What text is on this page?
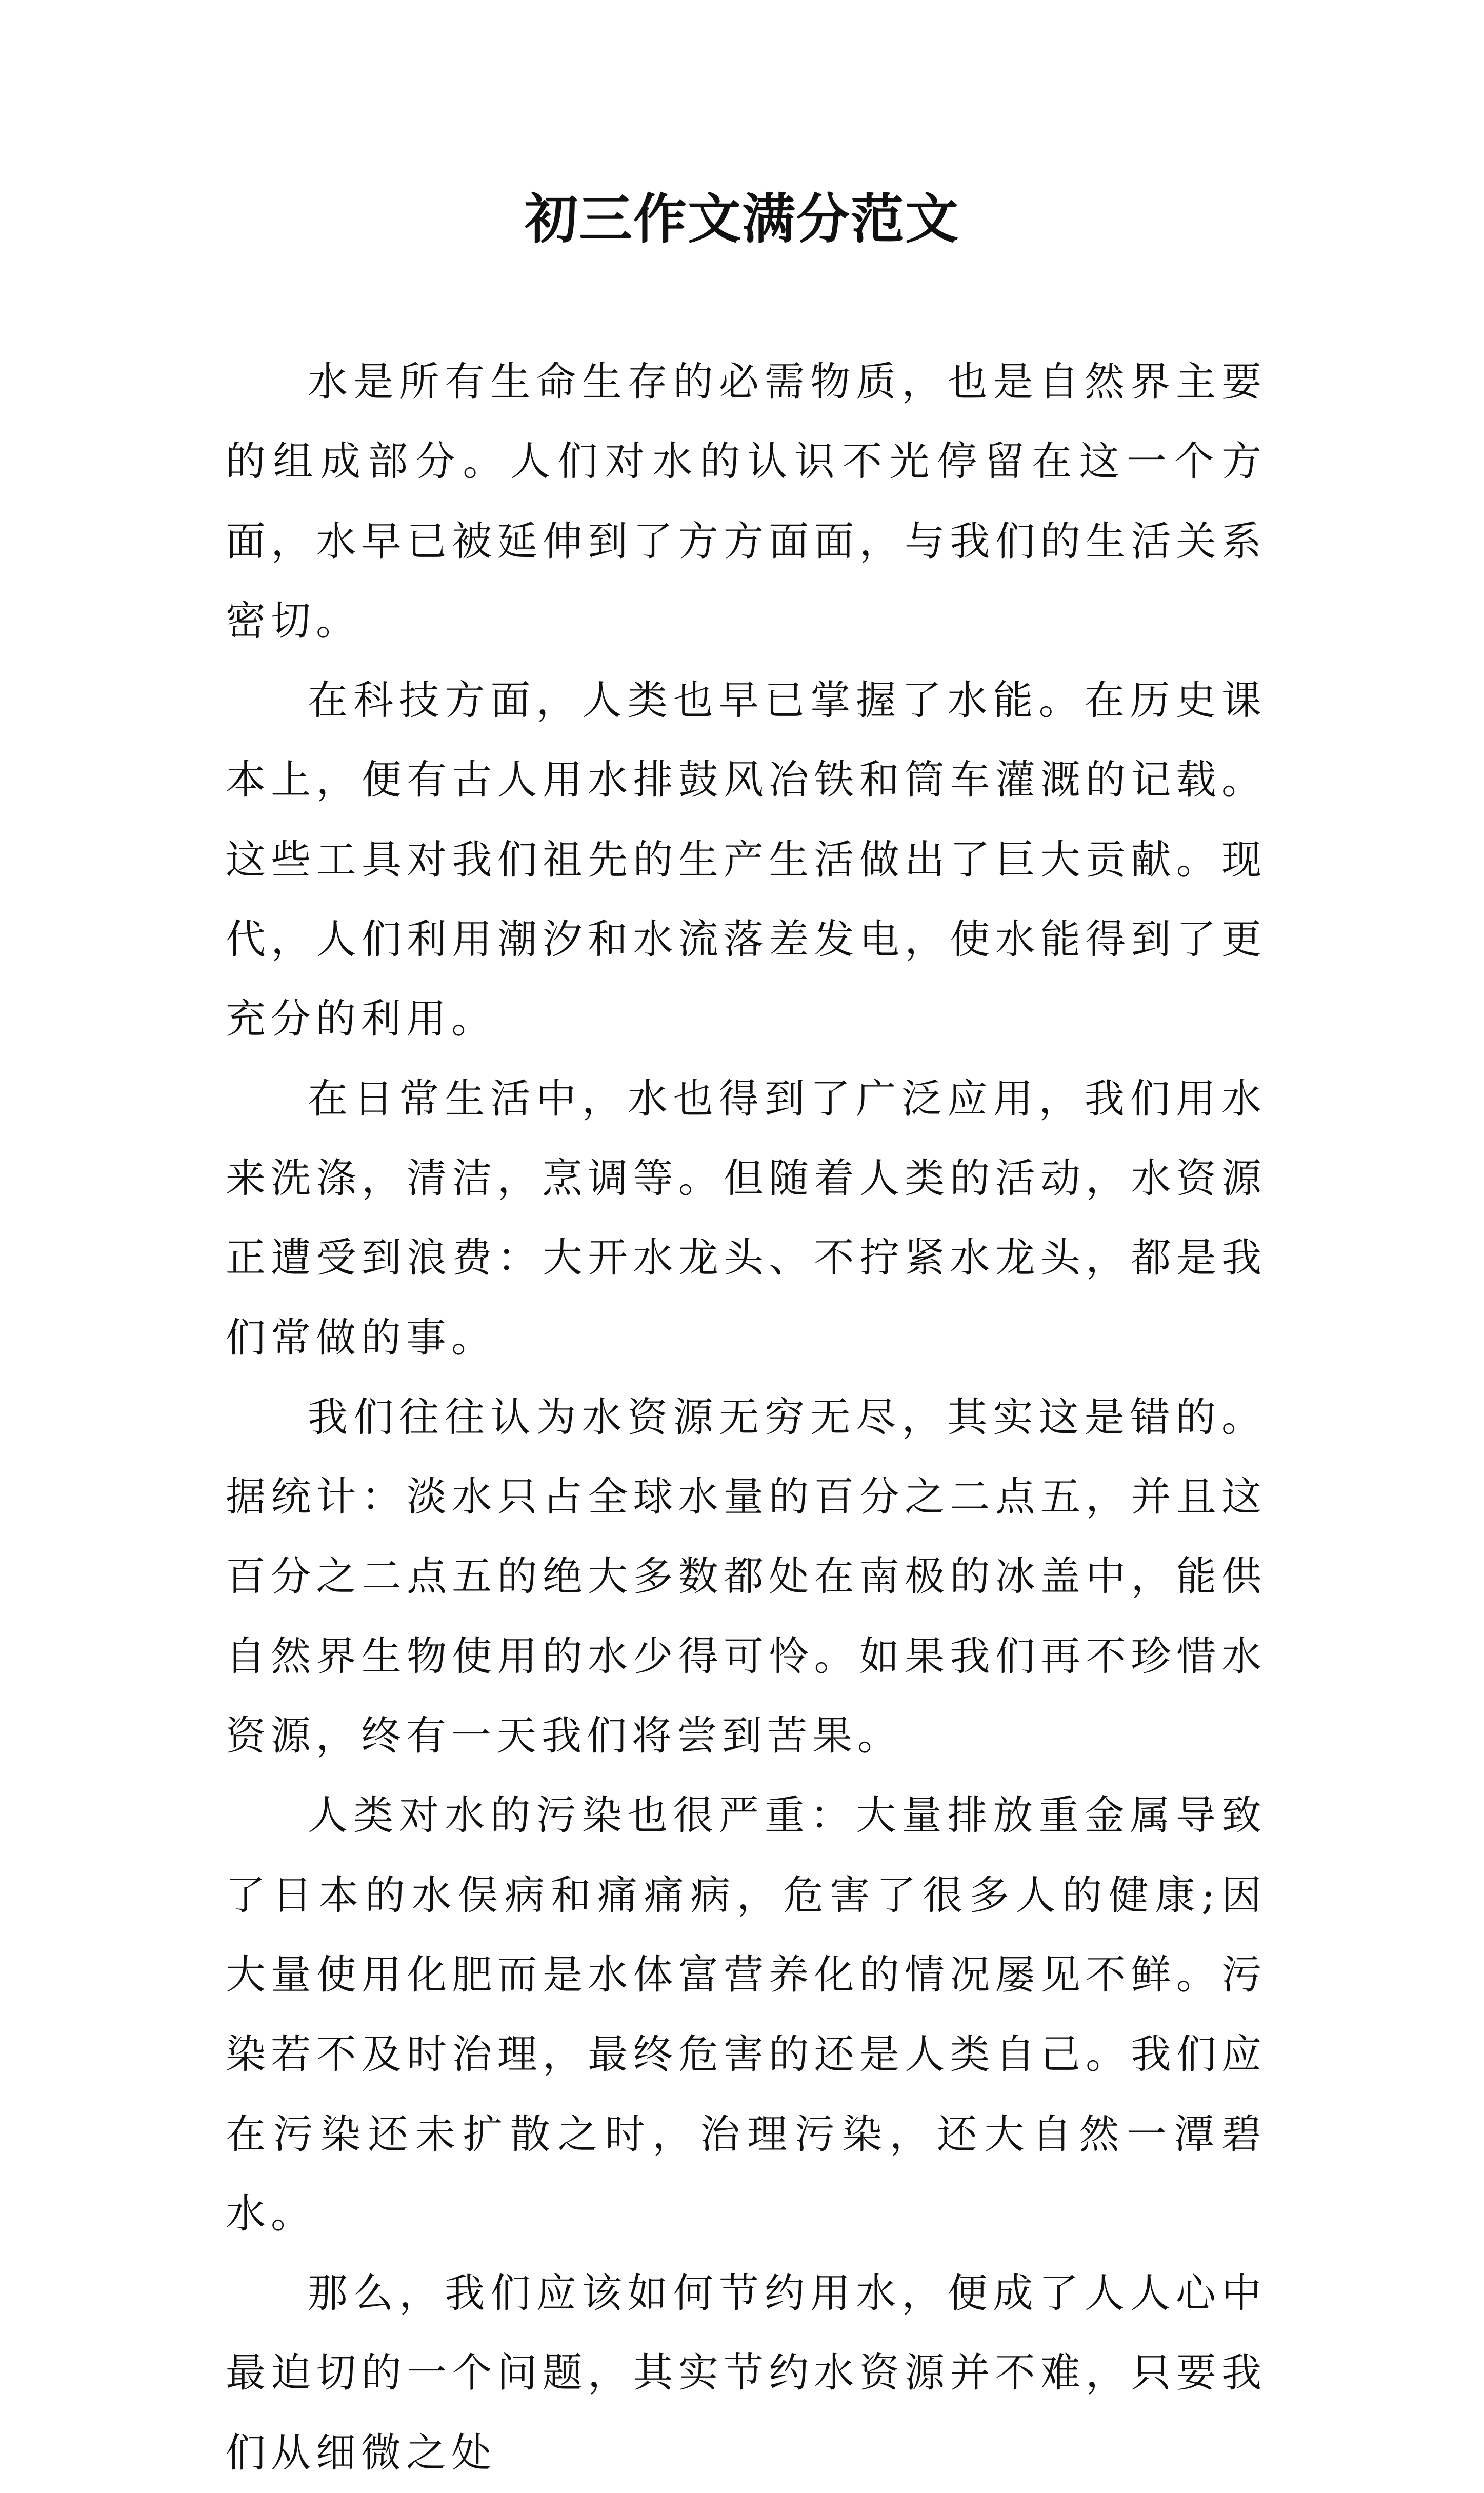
初三作文满分范文

水是所有生命生存的必需物质，也是自然界主要的组成部分。人们对水的认识不光停留在这一个方面，水早已被延伸到了方方面面，与我们的生活关系密切。

在科技方面，人类也早已掌握了水能。在历史课本上，便有古人用水排鼓风冶铁和筒车灌溉的记载。这些工具对我们祖先的生产生活做出了巨大贡献。现代，人们利用潮汐和水流落差发电，使水能得到了更充分的利用。

在日常生活中，水也得到了广泛应用，我们用水来洗涤，清洁，烹调等。但随着人类的活动，水资源正遭受到浪费：大开水龙头、不拧紧水龙头，都是我们常做的事。

我们往往认为水资源无穷无尽，其实这是错的。据统计：淡水只占全球水量的百分之二点五，并且这百分之二点五的绝大多数都处在南极的冰盖中，能供自然界生物使用的水少得可怜。如果我们再不珍惜水资源，终有一天我们将尝到苦果。

人类对水的污染也很严重：大量排放重金属导致了日本的水俣病和痛痛病，危害了很多人的健康;因大量使用化肥而是水体富营养化的情况屡见不鲜。污染若不及时治理，最终危害的还是人类自己。我们应在污染还未扩散之时，治理污染，还大自然一潭碧水。

那么，我们应该如何节约用水，便成了人人心中最迫切的一个问题，其实节约水资源并不难，只要我们从细微之处
